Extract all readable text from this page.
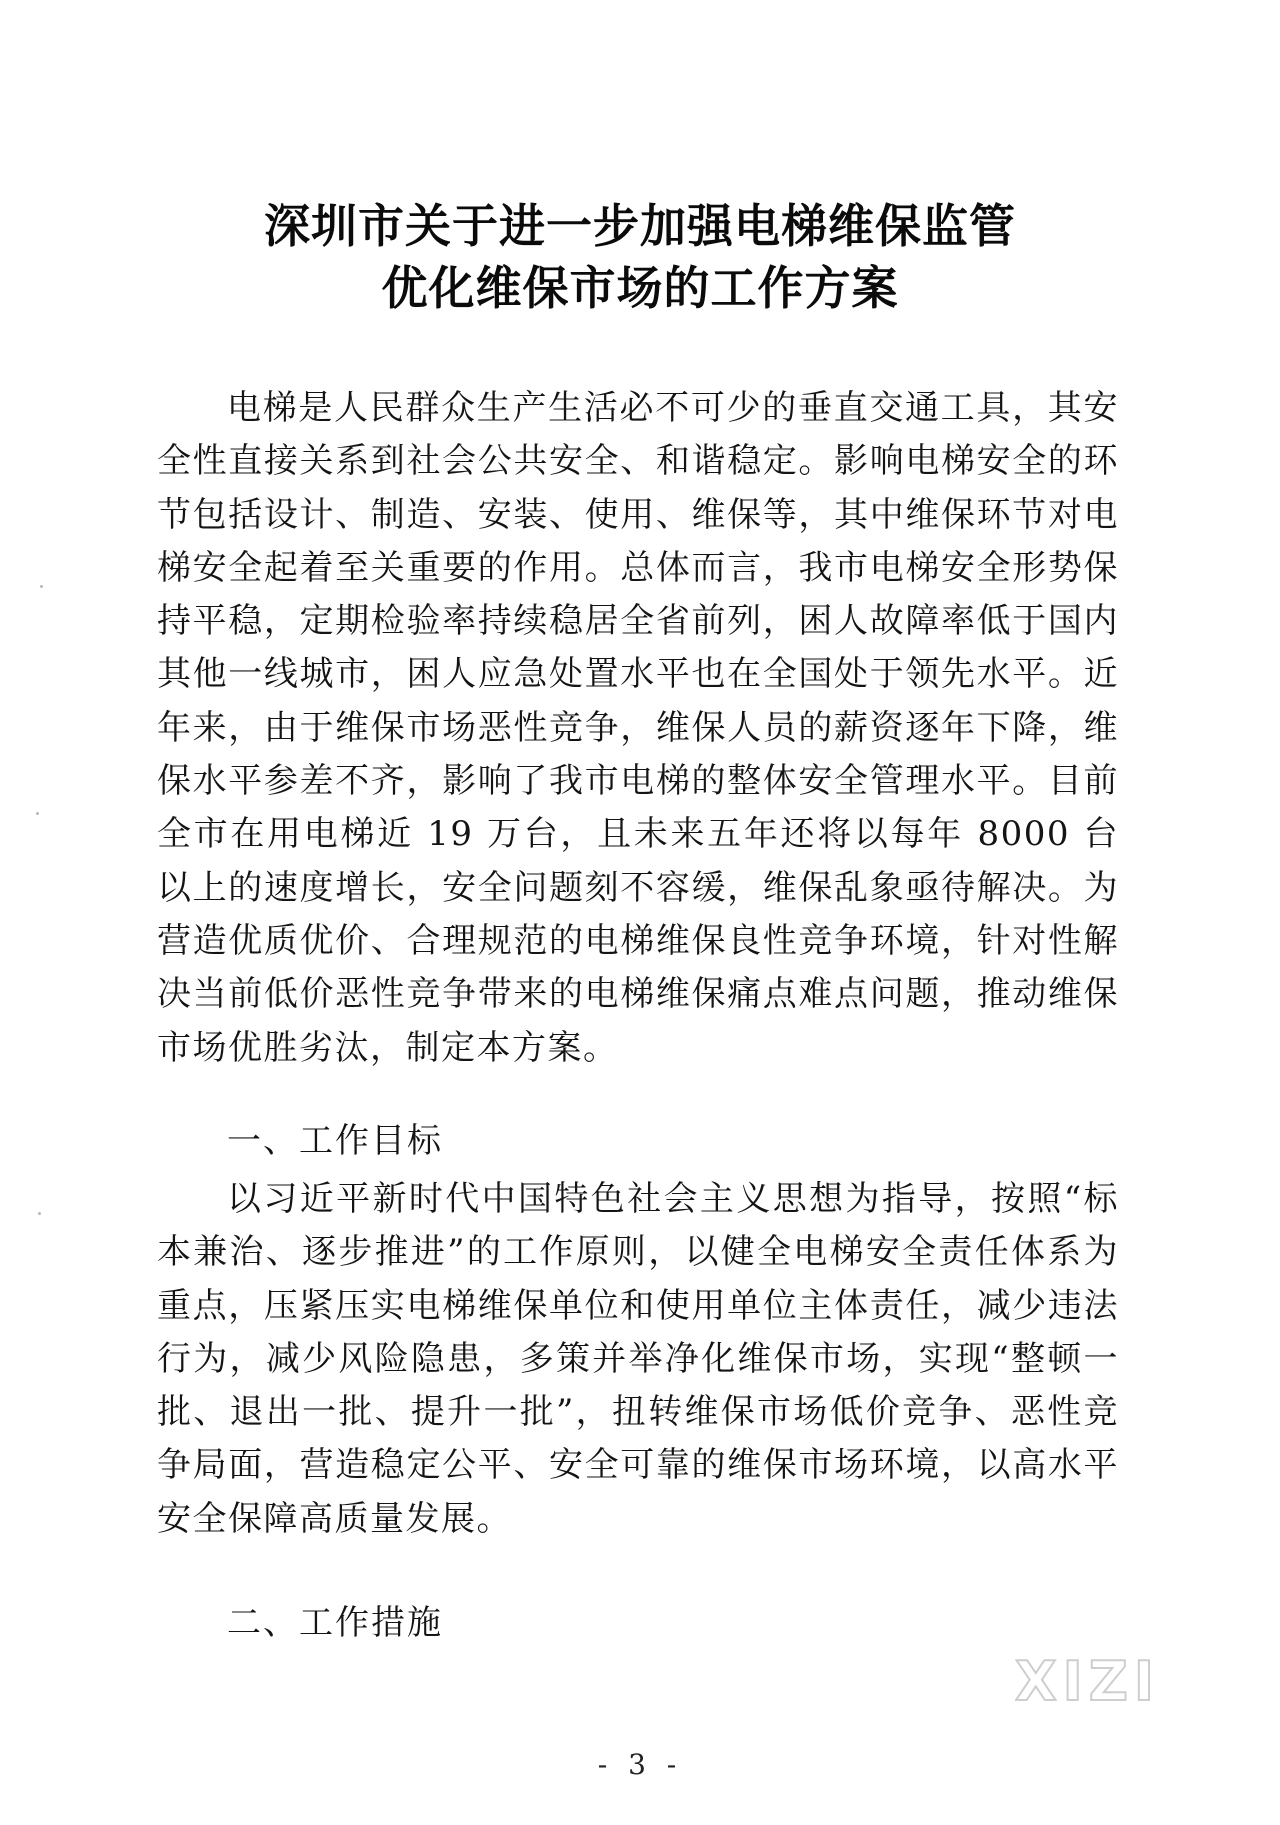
深圳市关于进一步加强电梯维保监管
优化维保市场的工作方案

电梯是人民群众生产生活必不可少的垂直交通工具，其安全性直接关系到社会公共安全、和谐稳定。影响电梯安全的环节包括设计、制造、安装、使用、维保等，其中维保环节对电梯安全起着至关重要的作用。总体而言，我市电梯安全形势保持平稳，定期检验率持续稳居全省前列，困人故障率低于国内其他一线城市，困人应急处置水平也在全国处于领先水平。近年来，由于维保市场恶性竞争，维保人员的薪资逐年下降，维保水平参差不齐，影响了我市电梯的整体安全管理水平。目前全市在用电梯近 19 万台，且未来五年还将以每年 8000 台以上的速度增长，安全问题刻不容缓，维保乱象亟待解决。为营造优质优价、合理规范的电梯维保良性竞争环境，针对性解决当前低价恶性竞争带来的电梯维保痛点难点问题，推动维保市场优胜劣汰，制定本方案。

一、工作目标

以习近平新时代中国特色社会主义思想为指导，按照“标本兼治、逐步推进”的工作原则，以健全电梯安全责任体系为重点，压紧压实电梯维保单位和使用单位主体责任，减少违法行为，减少风险隐患，多策并举净化维保市场，实现“整顿一批、退出一批、提升一批”，扭转维保市场低价竞争、恶性竞争局面，营造稳定公平、安全可靠的维保市场环境，以高水平安全保障高质量发展。

二、工作措施
XIZI
- 3 -
